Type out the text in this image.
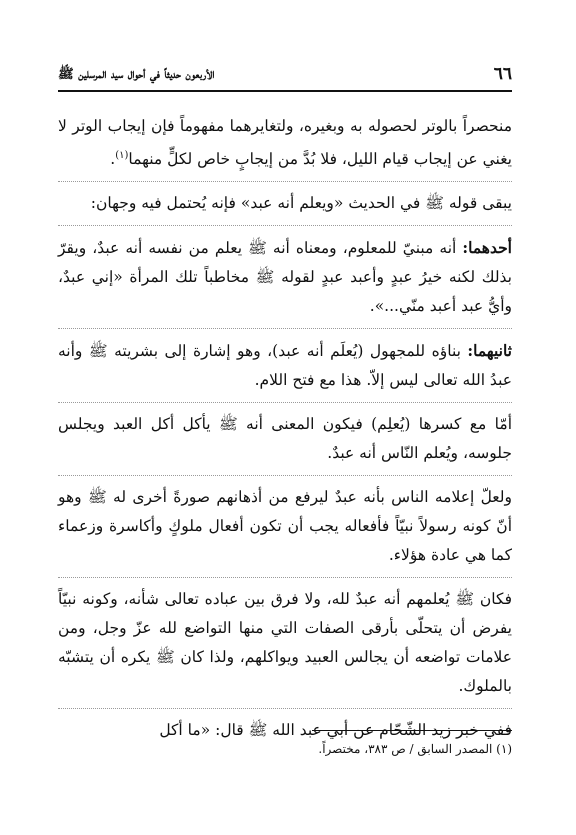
٦٦
الأربعون حديثاً في أحوال سيد المرسلين ﷺ

منحصراً بالوتر لحصوله به وبغيره، ولتغايرهما مفهوماً فإن إيجاب الوتر لا يغني عن إيجاب قيام الليل، فلا بُدَّ من إيجابٍ خاص لكلٍّ منهما$^{(١)}$.

يبقى قوله ﷺ في الحديث «ويعلم أنه عبد» فإنه يُحتمل فيه وجهان:

أحدهما: أنه مبنيّ للمعلوم، ومعناه أنه ﷺ يعلم من نفسه أنه عبدٌ، ويقرّ بذلك لكنه خيرُ عبدٍ وأعبد عبدٍ لقوله ﷺ مخاطباً تلك المرأة «إني عبدٌ، وأيُّ عبد أعبد منّي...».

ثانيهما: بناؤه للمجهول (يُعلَم أنه عبد)، وهو إشارة إلى بشريته ﷺ وأنه عبدُ الله تعالى ليس إلاّ. هذا مع فتح اللام.

أمّا مع كسرها (يُعلِم) فيكون المعنى أنه ﷺ يأكل أكل العبد ويجلس جلوسه، ويُعلم النّاس أنه عبدٌ.

ولعلّ إعلامه الناس بأنه عبدٌ ليرفع من أذهانهم صورةً أخرى له ﷺ وهو أنّ كونه رسولاً نبيّاً فأفعاله يجب أن تكون أفعال ملوكٍ وأكاسرة وزعماء كما هي عادة هؤلاء.

فكان ﷺ يُعلمهم أنه عبدٌ لله، ولا فرق بين عباده تعالى شأنه، وكونه نبيّاً يفرض أن يتحلّى بأرقى الصفات التي منها التواضع لله عزّ وجل، ومن علامات تواضعه أن يجالس العبيد ويواكلهم، ولذا كان ﷺ يكره أن يتشبّه بالملوك.

ففي خبر زيد الشّحّام عن أبي عبد الله ﷺ قال: «ما أكل

(١) المصدر السابق / ص ٣٨٣، مختصراً.
